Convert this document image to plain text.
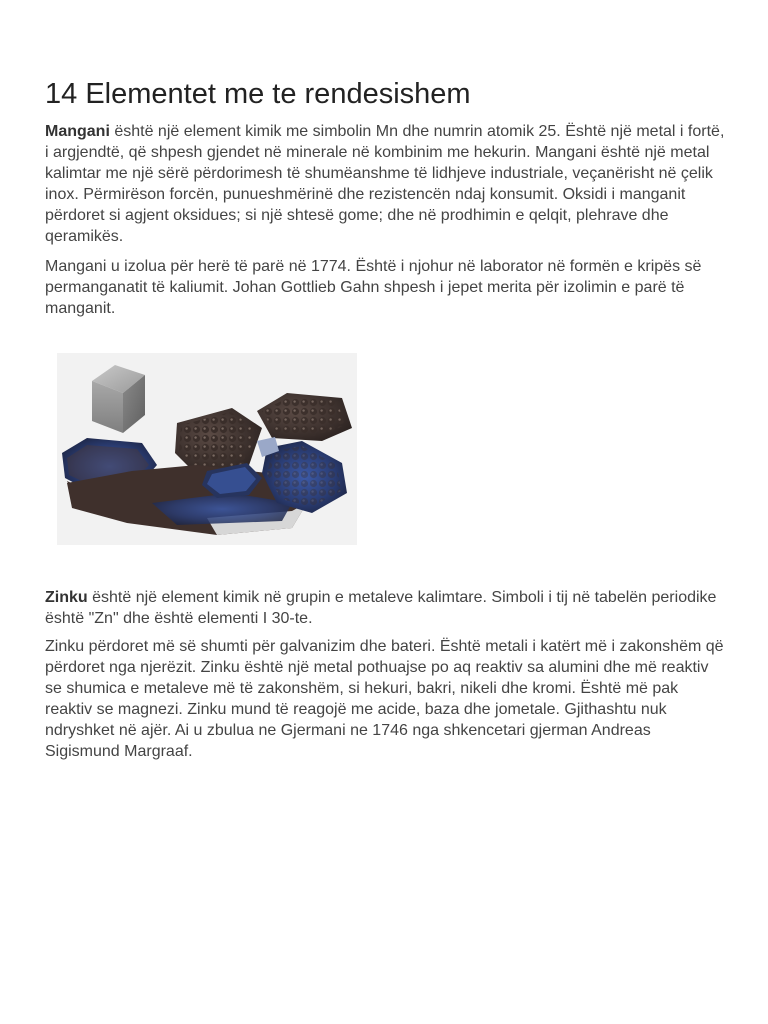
14 Elementet me te rendesishem

Mangani është një element kimik me simbolin Mn dhe numrin atomik 25. Është një metal i fortë, i argjendtë, që shpesh gjendet në minerale në kombinim me hekurin. Mangani është një metal kalimtar me një sërë përdorimesh të shumëanshme të lidhjeve industriale, veçanërisht në çelik inox. Përmirëson forcën, punueshmërinë dhe rezistencën ndaj konsumit. Oksidi i manganit përdoret si agjent oksidues; si një shtesë gome; dhe në prodhimin e qelqit, plehrave dhe qeramikës.

Mangani u izolua për herë të parë në 1774. Është i njohur në laborator në formën e kripës së permanganatit të kaliumit. Johan Gottlieb Gahn shpesh i jepet merita për izolimin e parë të manganit.

Zinku është një element kimik në grupin e metaleve kalimtare. Simboli i tij në tabelën periodike është "Zn" dhe është elementi I 30-te.

Zinku përdoret më së shumti për galvanizim dhe bateri. Është metali i katërt më i zakonshëm që përdoret nga njerëzit. Zinku është një metal pothuajse po aq reaktiv sa alumini dhe më reaktiv se shumica e metaleve më të zakonshëm, si hekuri, bakri, nikeli dhe kromi. Është më pak reaktiv se magnezi. Zinku mund të reagojë me acide, baza dhe jometale. Gjithashtu nuk ndryshket në ajër. Ai u zbulua ne Gjermani ne 1746 nga shkencetari gjerman Andreas Sigismund Margraaf.
